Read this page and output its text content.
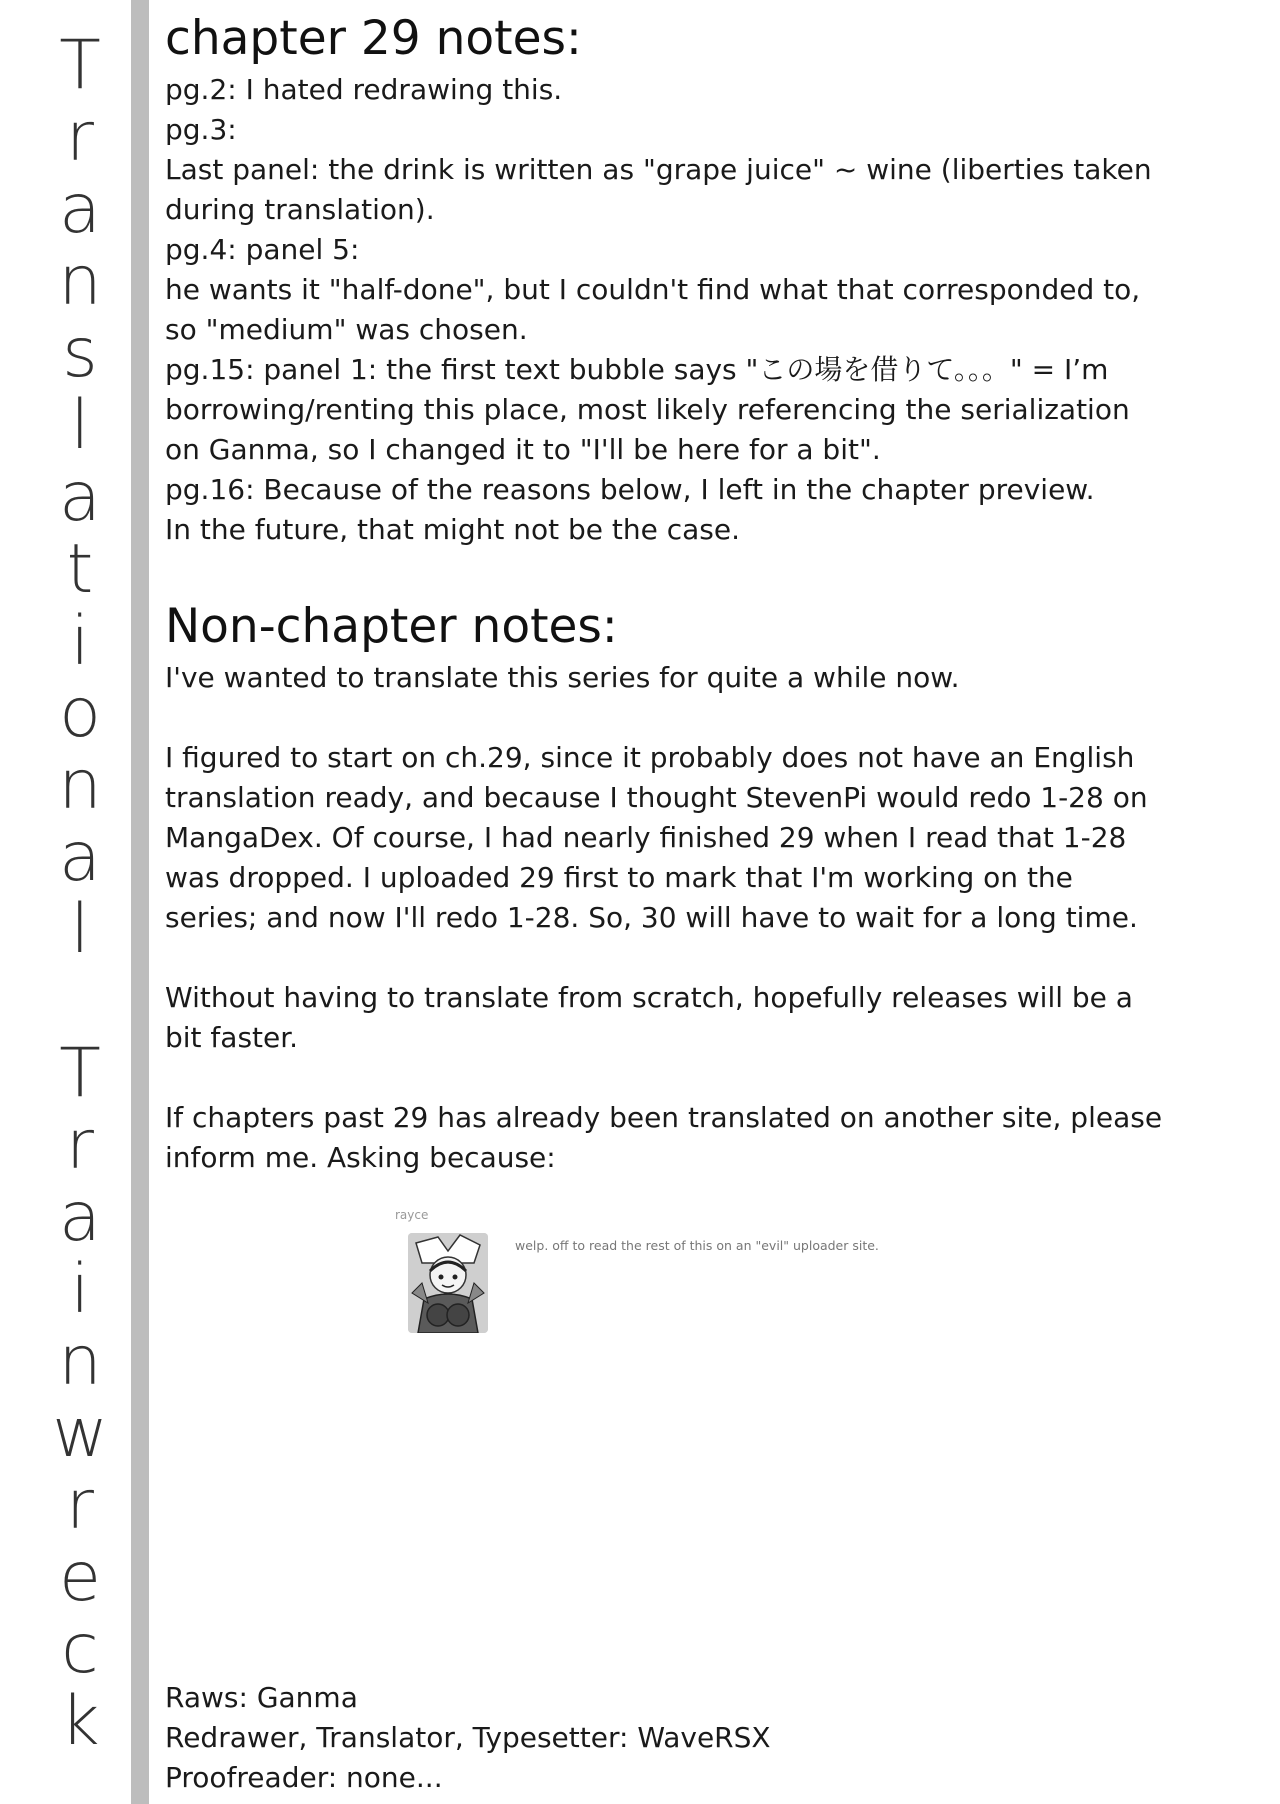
T
r
a
n
s
l
a
t
i
o
n
a
l
T
r
a
i
n
w
r
e
c
k
chapter 29 notes:

pg.2: I hated redrawing this.

pg.3:

Last panel: the drink is written as "grape juice" ~ wine (liberties taken

during translation).

pg.4: panel 5:

he wants it "half-done", but I couldn't find what that corresponded to,

so "medium" was chosen.

pg.15: panel 1: the first text bubble says "この場を借りて。。。" = I’m

borrowing/renting this place, most likely referencing the serialization

on Ganma, so I changed it to "I'll be here for a bit".

pg.16: Because of the reasons below, I left in the chapter preview.

In the future, that might not be the case.

Non-chapter notes:

I've wanted to translate this series for quite a while now.

I figured to start on ch.29, since it probably does not have an English

translation ready, and because I thought StevenPi would redo 1-28 on

MangaDex. Of course, I had nearly finished 29 when I read that 1-28

was dropped. I uploaded 29 first to mark that I'm working on the

series; and now I'll redo 1-28. So, 30 will have to wait for a long time.

Without having to translate from scratch, hopefully releases will be a

bit faster.

If chapters past 29 has already been translated on another site, please

inform me. Asking because:

rayce
welp. off to read the rest of this on an "evil" uploader site.

Raws: Ganma

Redrawer, Translator, Typesetter: WaveRSX

Proofreader: none...
